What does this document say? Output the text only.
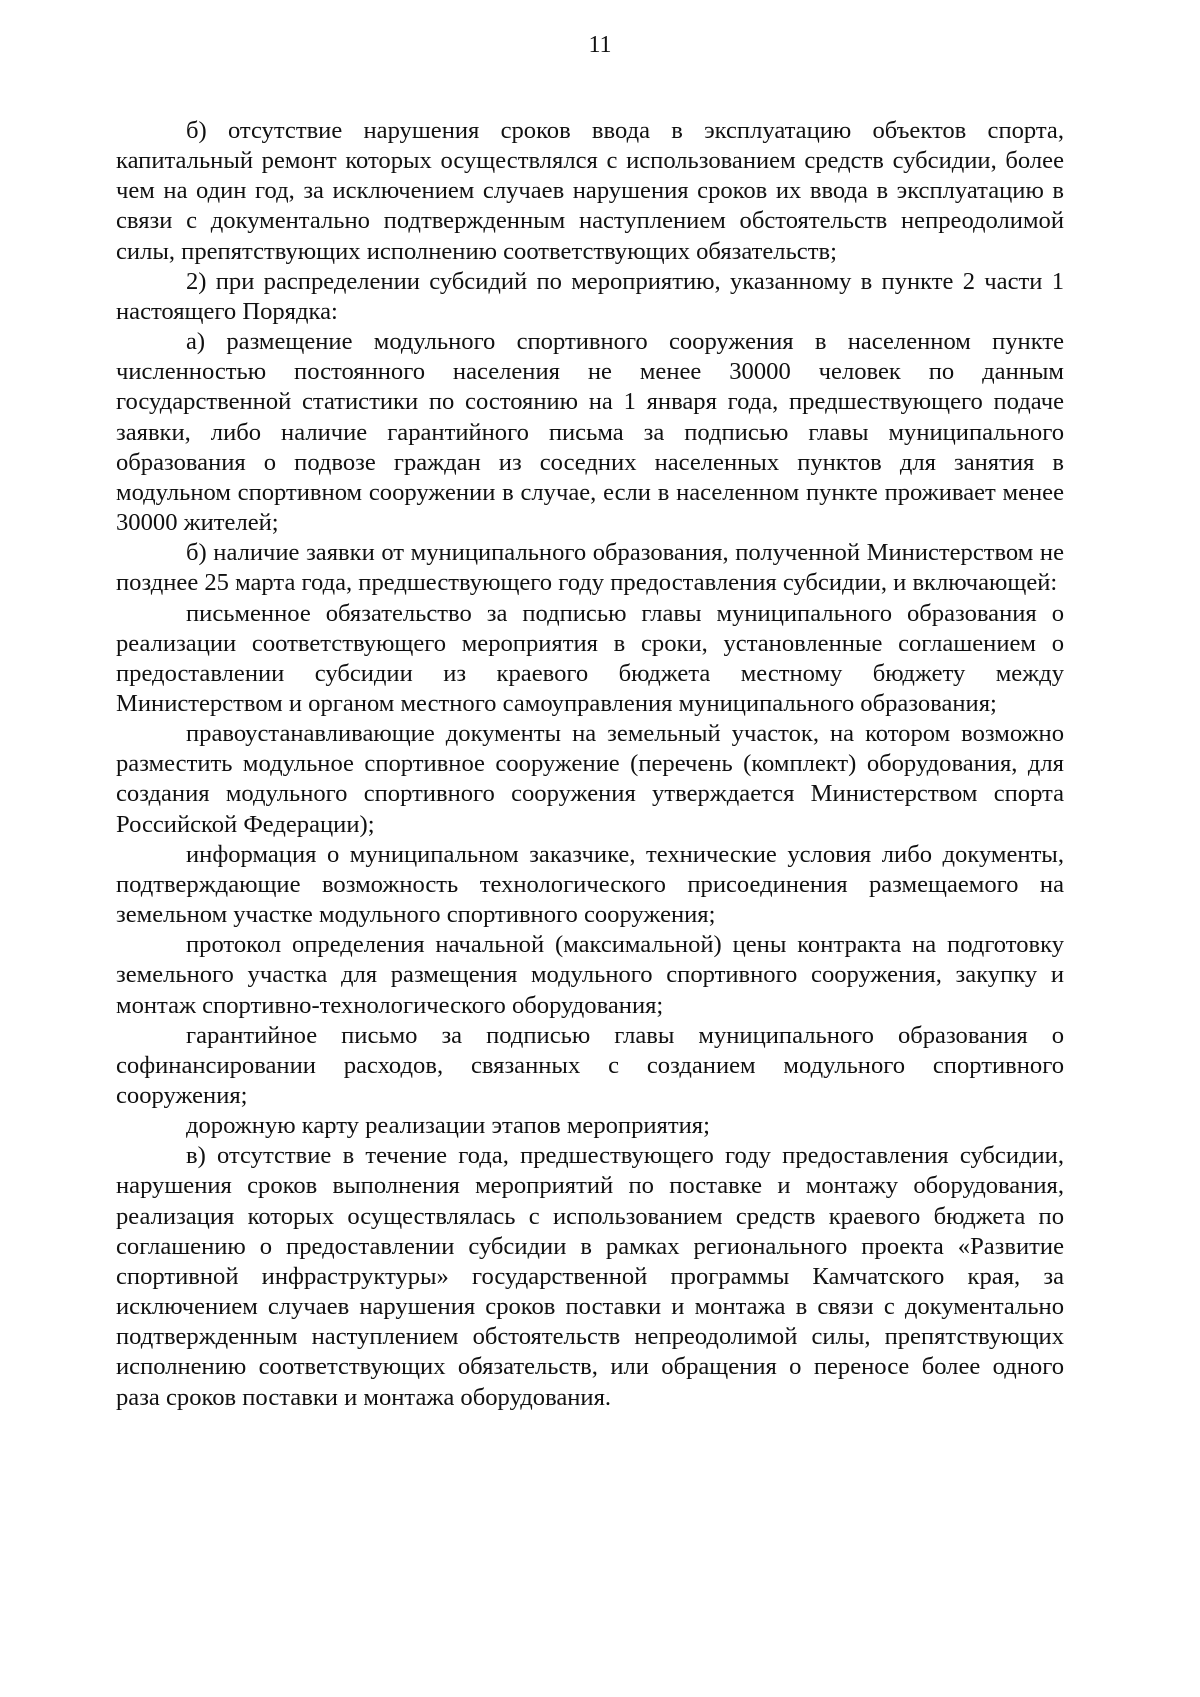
11

б) отсутствие нарушения сроков ввода в эксплуатацию объектов спорта, капитальный ремонт которых осуществлялся с использованием средств субсидии, более чем на один год, за исключением случаев нарушения сроков их ввода в эксплуатацию в связи с документально подтвержденным наступлением обстоятельств непреодолимой силы, препятствующих исполнению соответствующих обязательств;

2) при распределении субсидий по мероприятию, указанному в пункте 2 части 1 настоящего Порядка:

а) размещение модульного спортивного сооружения в населенном пункте численностью постоянного населения не менее 30000 человек по данным государственной статистики по состоянию на 1 января года, предшествующего подаче заявки, либо наличие гарантийного письма за подписью главы муниципального образования о подвозе граждан из соседних населенных пунктов для занятия в модульном спортивном сооружении в случае, если в населенном пункте проживает менее 30000 жителей;

б) наличие заявки от муниципального образования, полученной Министерством не позднее 25 марта года, предшествующего году предоставления субсидии, и включающей:

письменное обязательство за подписью главы муниципального образования о реализации соответствующего мероприятия в сроки, установленные соглашением о предоставлении субсидии из краевого бюджета местному бюджету между Министерством и органом местного самоуправления муниципального образования;

правоустанавливающие документы на земельный участок, на котором возможно разместить модульное спортивное сооружение (перечень (комплект) оборудования, для создания модульного спортивного сооружения утверждается Министерством спорта Российской Федерации);

информация о муниципальном заказчике, технические условия либо документы, подтверждающие возможность технологического присоединения размещаемого на земельном участке модульного спортивного сооружения;

протокол определения начальной (максимальной) цены контракта на подготовку земельного участка для размещения модульного спортивного сооружения, закупку и монтаж спортивно-технологического оборудования;

гарантийное письмо за подписью главы муниципального образования о софинансировании расходов, связанных с созданием модульного спортивного сооружения;

дорожную карту реализации этапов мероприятия;

в) отсутствие в течение года, предшествующего году предоставления субсидии, нарушения сроков выполнения мероприятий по поставке и монтажу оборудования, реализация которых осуществлялась с использованием средств краевого бюджета по соглашению о предоставлении субсидии в рамках регионального проекта «Развитие спортивной инфраструктуры» государственной программы Камчатского края, за исключением случаев нарушения сроков поставки и монтажа в связи с документально подтвержденным наступлением обстоятельств непреодолимой силы, препятствующих исполнению соответствующих обязательств, или обращения о переносе более одного раза сроков поставки и монтажа оборудования.
